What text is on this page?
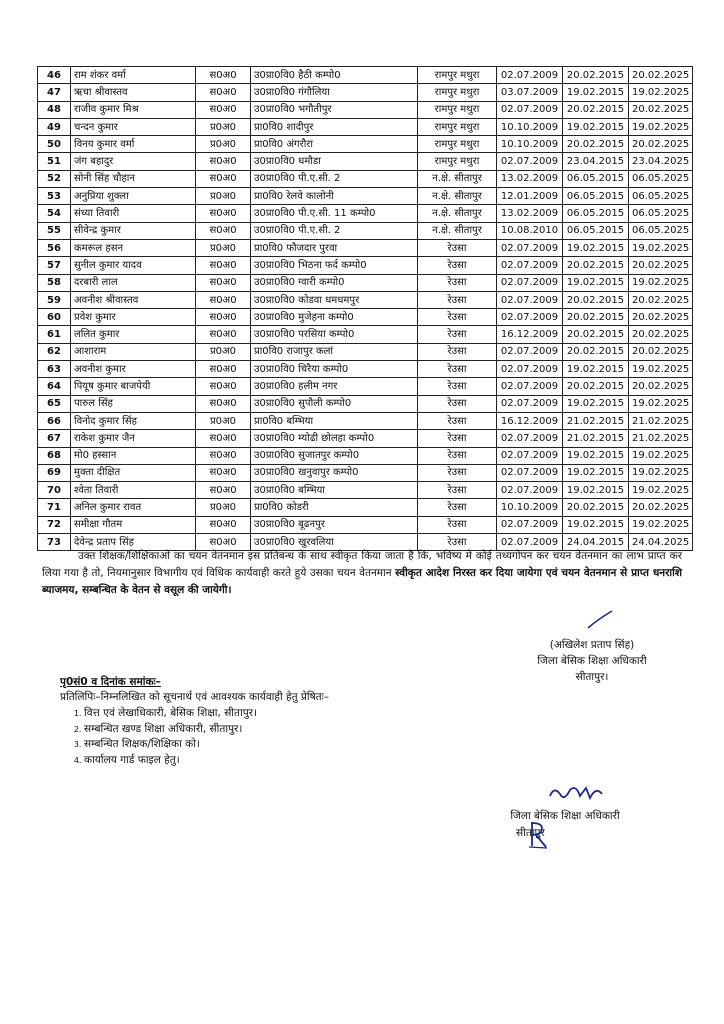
46	राम शंकर वर्मा	स0अ0	उ0प्रा0वि0 हैठी कम्पो0	रामपुर मथुरा	02.07.2009	20.02.2015	20.02.2025
47	ऋचा श्रीवास्तव	स0अ0	उ0प्रा0वि0 गंगौलिया	रामपुर मथुरा	03.07.2009	19.02.2015	19.02.2025
48	राजीव कुमार मिश्र	स0अ0	उ0प्रा0वि0 भगौतीपुर	रामपुर मथुरा	02.07.2009	20.02.2015	20.02.2025
49	चन्दन कुमार	प्र0अ0	प्रा0वि0 शादीपुर	रामपुर मथुरा	10.10.2009	19.02.2015	19.02.2025
50	विनय कुमार वर्मा	प्र0अ0	प्रा0वि0 अंगरौरा	रामपुर मथुरा	10.10.2009	20.02.2015	20.02.2025
51	जंग बहादुर	स0अ0	उ0प्रा0वि0 धमौडा	रामपुर मथुरा	02.07.2009	23.04.2015	23.04.2025
52	सोनी सिंह चौहान	स0अ0	उ0प्रा0वि0 पी.ए.सी. 2	न.क्षे. सीतापुर	13.02.2009	06.05.2015	06.05.2025
53	अनुप्रिया शुक्ला	प्र0अ0	प्रा0वि0 रेलवे कालोनी	न.क्षे. सीतापुर	12.01.2009	06.05.2015	06.05.2025
54	संध्या तिवारी	स0अ0	उ0प्रा0वि0 पी.ए.सी. 11 कम्पो0	न.क्षे. सीतापुर	13.02.2009	06.05.2015	06.05.2025
55	सीवेन्द्र कुमार	स0अ0	उ0प्रा0वि0 पी.ए.सी. 2	न.क्षे. सीतापुर	10.08.2010	06.05.2015	06.05.2025
56	कमरूल हसन	प्र0अ0	प्रा0वि0 फौजदार पुरवा	रेउसा	02.07.2009	19.02.2015	19.02.2025
57	सुनील कुमार यादव	स0अ0	उ0प्रा0वि0 भिठना फर्द कम्पो0	रेउसा	02.07.2009	20.02.2015	20.02.2025
58	दरबारी लाल	स0अ0	उ0प्रा0वि0 ग्वारी कम्पो0	रेउसा	02.07.2009	19.02.2015	19.02.2025
59	अवनीश श्रीवास्तव	स0अ0	उ0प्रा0वि0 कोडवा धमधमपुर	रेउसा	02.07.2009	20.02.2015	20.02.2025
60	प्रवेश कुमार	स0अ0	उ0प्रा0वि0 मुजेहना कम्पो0	रेउसा	02.07.2009	20.02.2015	20.02.2025
61	ललित कुमार	स0अ0	उ0प्रा0वि0 परसिया कम्पो0	रेउसा	16.12.2009	20.02.2015	20.02.2025
62	आशाराम	प्र0अ0	प्रा0वि0 राजापुर कलां	रेउसा	02.07.2009	20.02.2015	20.02.2025
63	अवनीश कुमार	स0अ0	उ0प्रा0वि0 चिरैया कम्पो0	रेउसा	02.07.2009	19.02.2015	19.02.2025
64	पियूष कुमार बाजपेयी	स0अ0	उ0प्रा0वि0 हलीम नगर	रेउसा	02.07.2009	20.02.2015	20.02.2025
65	पारुल सिंह	स0अ0	उ0प्रा0वि0 सुपौली कम्पो0	रेउसा	02.07.2009	19.02.2015	19.02.2025
66	विनोद कुमार सिंह	प्र0अ0	प्रा0वि0 बम्भिया	रेउसा	16.12.2009	21.02.2015	21.02.2025
67	राकेश कुमार जैन	स0अ0	उ0प्रा0वि0 म्योढी छोलहा कम्पो0	रेउसा	02.07.2009	21.02.2015	21.02.2025
68	मो0 हस्सान	स0अ0	उ0प्रा0वि0 सुजातपुर कम्पो0	रेउसा	02.07.2009	19.02.2015	19.02.2025
69	मुक्ता दीक्षित	स0अ0	उ0प्रा0वि0 खनुवापुर कम्पो0	रेउसा	02.07.2009	19.02.2015	19.02.2025
70	श्वेता तिवारी	स0अ0	उ0प्रा0वि0 बम्भिया	रेउसा	02.07.2009	19.02.2015	19.02.2025
71	अनिल कुमार रावत	प्र0अ0	प्रा0वि0 कोडरी	रेउसा	10.10.2009	20.02.2015	20.02.2025
72	समीक्षा गौतम	स0अ0	उ0प्रा0वि0 बूढनपुर	रेउसा	02.07.2009	19.02.2015	19.02.2025
73	देवेन्द्र प्रताप सिंह	स0अ0	उ0प्रा0वि0 खुरवलिया	रेउसा	02.07.2009	24.04.2015	24.04.2025
उक्त शिक्षक/शिक्षिकाओं का चयन वेतनमान इस प्रतिबन्ध के साथ स्वीकृत किया जाता है कि, भविष्य में कोई तथ्यगोपन कर चयन वेतनमान का लाभ प्राप्त कर लिया गया है तो, नियमानुसार विभागीय एवं विधिक कार्यवाही करते हुये उसका चयन वेतनमान स्वीकृत आदेश निरस्त कर दिया जायेगा एवं चयन वेतनमान से प्राप्त धनराशि ब्याजमय, सम्बन्धित के वेतन से वसूल की जायेगी।
(अखिलेश प्रताप सिंह)
जिला बेसिक शिक्षा अधिकारी
सीतापुर।
पृ0सं0 व दिनांक समांकः–
प्रतिलिपिः–निम्नलिखित को सूचनार्थ एवं आवश्यक कार्यवाही हेतु प्रेषितः–
1. वित्त एवं लेखाधिकारी, बेसिक शिक्षा, सीतापुर।
2. सम्बन्धित खण्ड शिक्षा अधिकारी, सीतापुर।
3. सम्बन्धित शिक्षक/शिक्षिका को।
4. कार्यालय गार्ड फाइल हेतु।
जिला बेसिक शिक्षा अधिकारी
सीतापुर
